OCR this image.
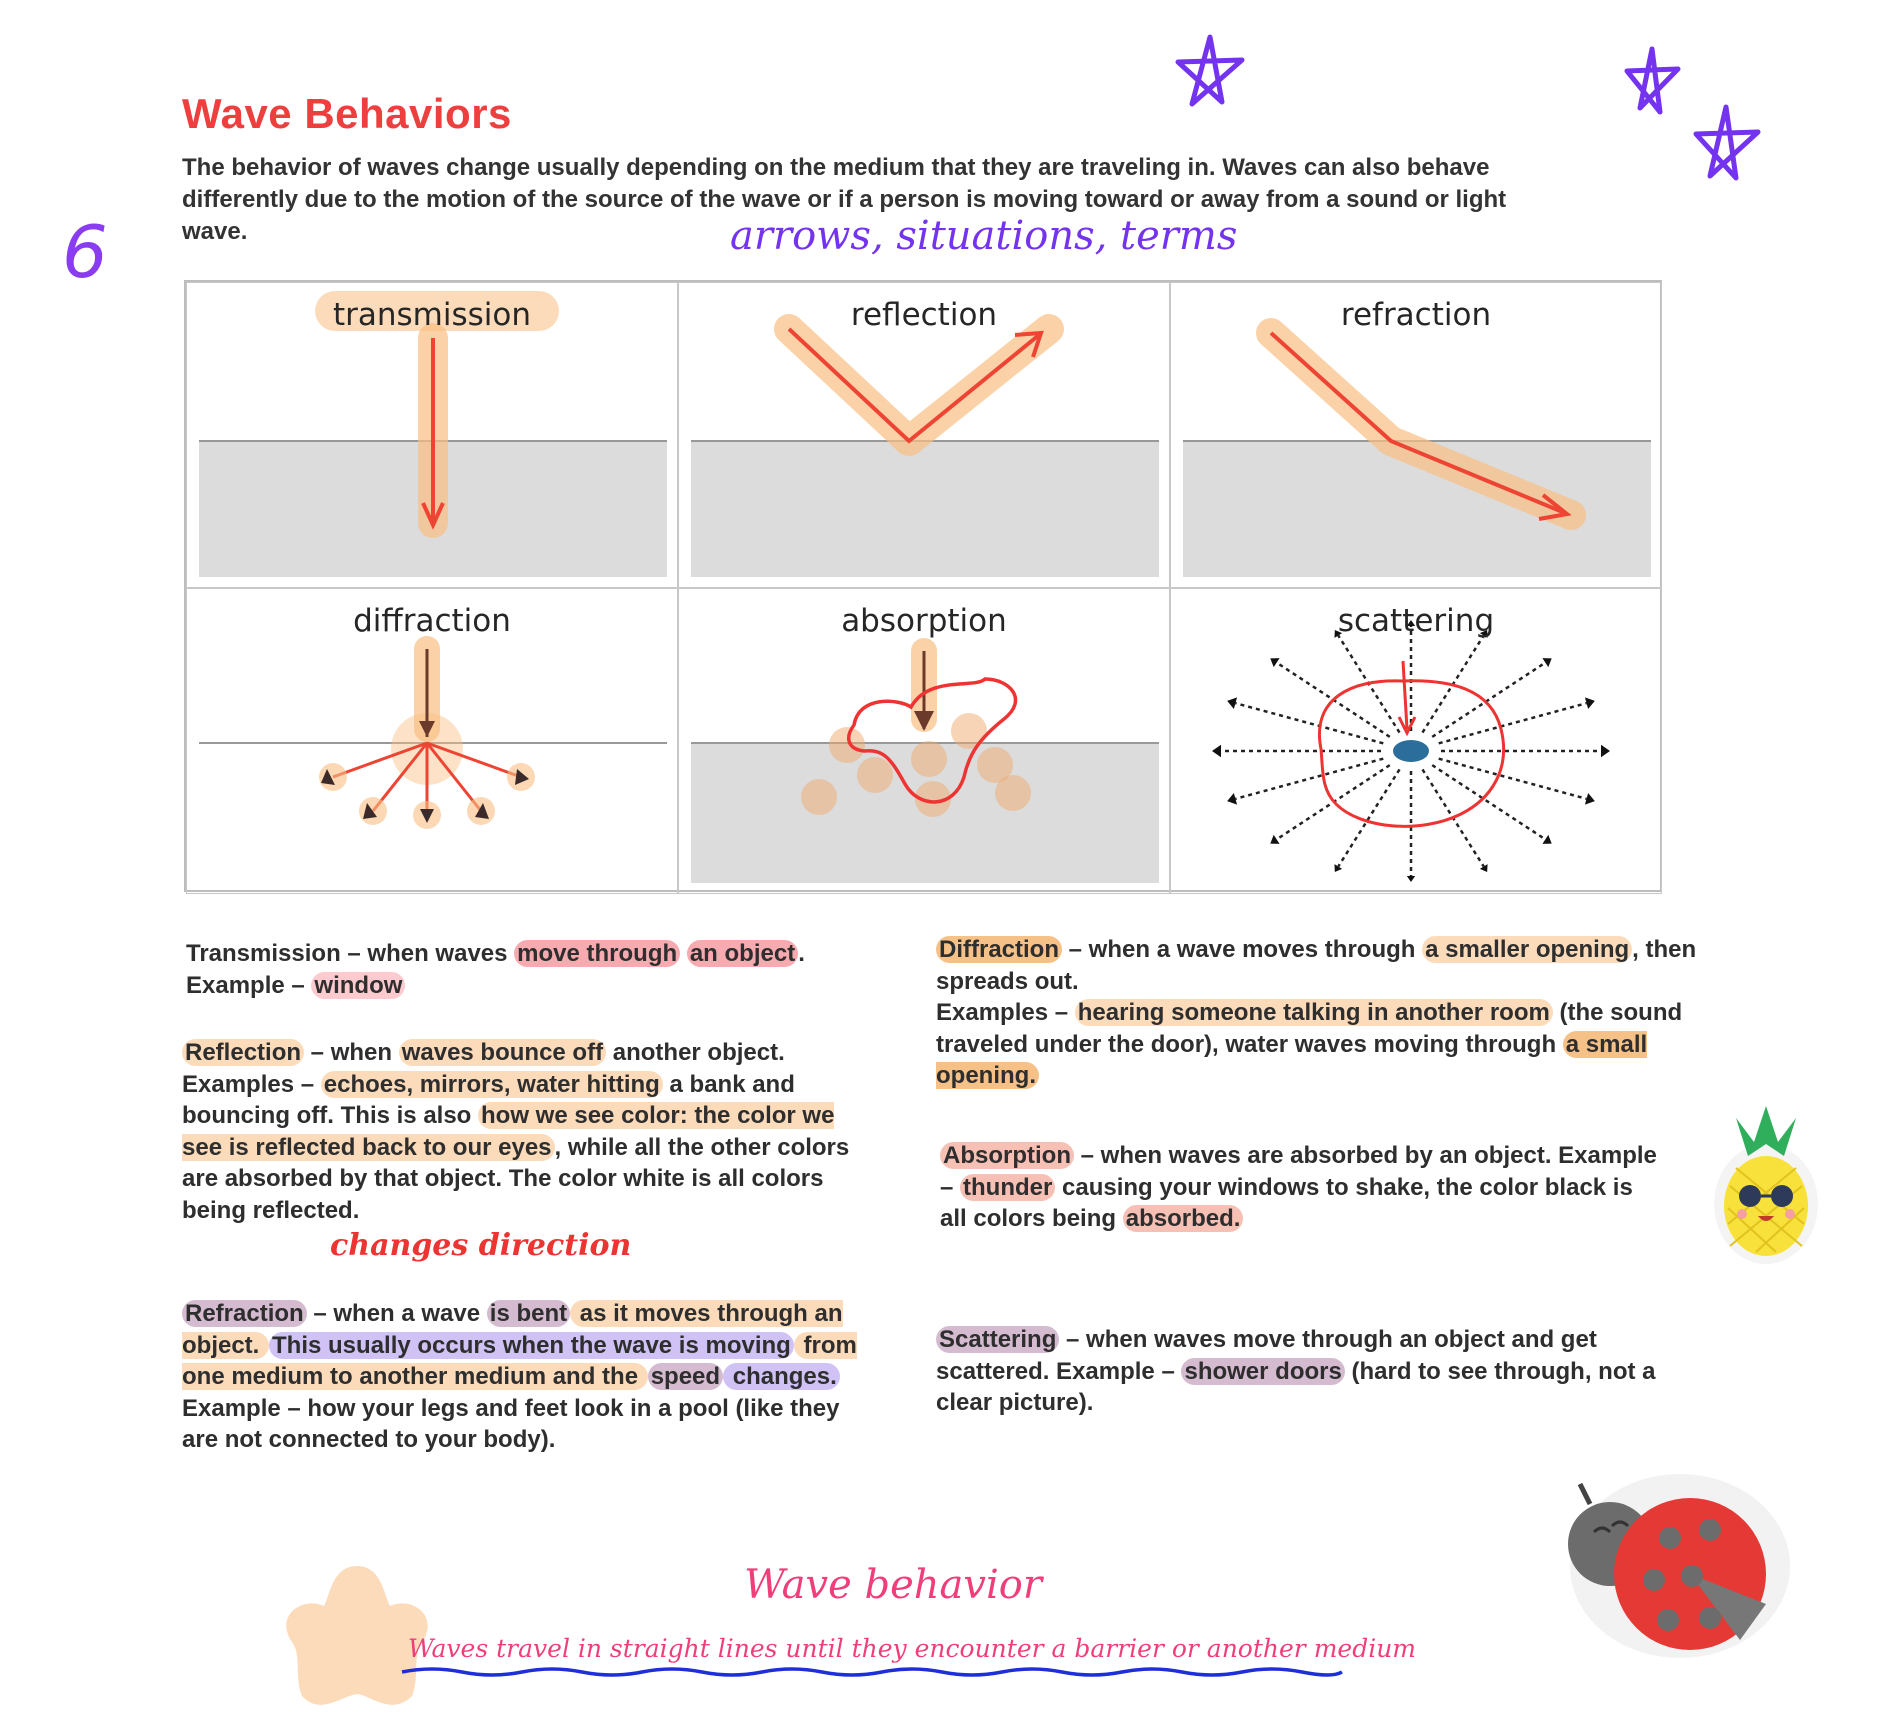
Wave Behaviors
The behavior of waves change usually depending on the medium that they are traveling in. Waves can also behave differently due to the motion of the source of the wave or if a person is moving toward or away from a sound or light wave.
6	arrows, situations, terms
transmission	reflection	refraction
diffraction	absorption	scattering
Transmission – when waves move through an object . Example – window
Reflection – when waves bounce off another object. Examples – echoes, mirrors, water hitting a bank and bouncing off. This is also how we see color: the color we see is reflected back to our eyes , while all the other colors are absorbed by that object. The color white is all colors being reflected.
changes direction
Refraction – when a wave is bent as it moves through an object. This usually occurs when the wave is moving from one medium to another medium and the speed changes. Example – how your legs and feet look in a pool (like they are not connected to your body).
Diffraction – when a wave moves through a smaller opening , then spreads out.
Examples – hearing someone talking in another room (the sound traveled under the door), water waves moving through a small opening.
Absorption – when waves are absorbed by an object. Example – thunder causing your windows to shake, the color black is all colors being absorbed.
Scattering – when waves move through an object and get scattered. Example – shower doors (hard to see through, not a clear picture).
Wave behavior
Waves travel in straight lines until they encounter a barrier or another medium
